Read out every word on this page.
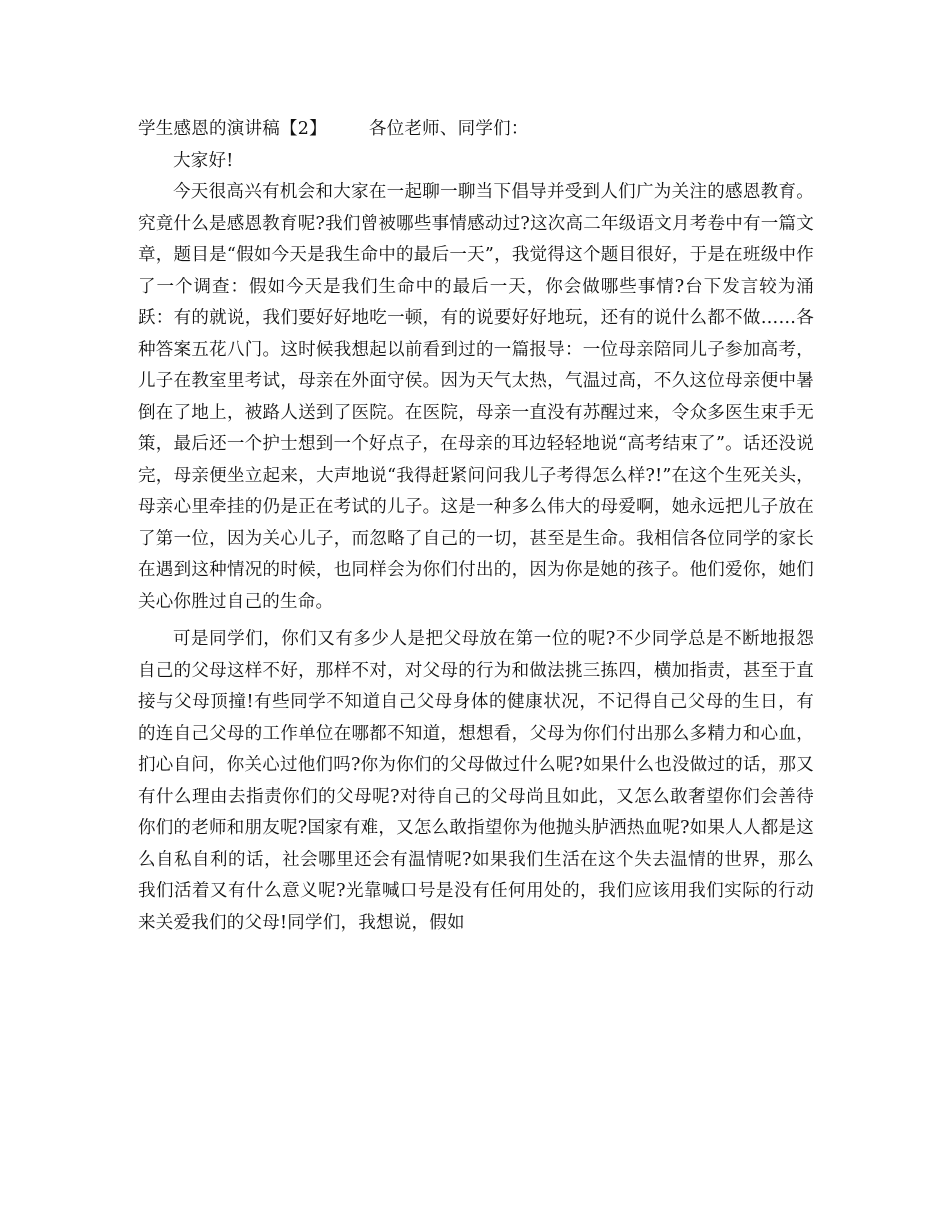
学生感恩的演讲稿【2】 各位老师、同学们：

大家好!

今天很高兴有机会和大家在一起聊一聊当下倡导并受到人们广为关注的感恩教育。究竟什么是感恩教育呢?我们曾被哪些事情感动过?这次高二年级语文月考卷中有一篇文章，题目是“假如今天是我生命中的最后一天”，我觉得这个题目很好，于是在班级中作了一个调查：假如今天是我们生命中的最后一天，你会做哪些事情?台下发言较为涌跃：有的就说，我们要好好地吃一顿，有的说要好好地玩，还有的说什么都不做……各种答案五花八门。这时候我想起以前看到过的一篇报导：一位母亲陪同儿子参加高考，儿子在教室里考试，母亲在外面守侯。因为天气太热，气温过高，不久这位母亲便中暑倒在了地上，被路人送到了医院。在医院，母亲一直没有苏醒过来，令众多医生束手无策，最后还一个护士想到一个好点子，在母亲的耳边轻轻地说“高考结束了”。话还没说完，母亲便坐立起来，大声地说“我得赶紧问问我儿子考得怎么样?!”在这个生死关头，母亲心里牵挂的仍是正在考试的儿子。这是一种多么伟大的母爱啊，她永远把儿子放在了第一位，因为关心儿子，而忽略了自己的一切，甚至是生命。我相信各位同学的家长在遇到这种情况的时候，也同样会为你们付出的，因为你是她的孩子。他们爱你，她们关心你胜过自己的生命。

可是同学们，你们又有多少人是把父母放在第一位的呢?不少同学总是不断地报怨自己的父母这样不好，那样不对，对父母的行为和做法挑三拣四，横加指责，甚至于直接与父母顶撞!有些同学不知道自己父母身体的健康状况，不记得自己父母的生日，有的连自己父母的工作单位在哪都不知道，想想看，父母为你们付出那么多精力和心血，扪心自问，你关心过他们吗?你为你们的父母做过什么呢?如果什么也没做过的话，那又有什么理由去指责你们的父母呢?对待自己的父母尚且如此，又怎么敢奢望你们会善待你们的老师和朋友呢?国家有难，又怎么敢指望你为他抛头胪洒热血呢?如果人人都是这么自私自利的话，社会哪里还会有温情呢?如果我们生活在这个失去温情的世界，那么我们活着又有什么意义呢?光靠喊口号是没有任何用处的，我们应该用我们实际的行动来关爱我们的父母!同学们，我想说，假如
